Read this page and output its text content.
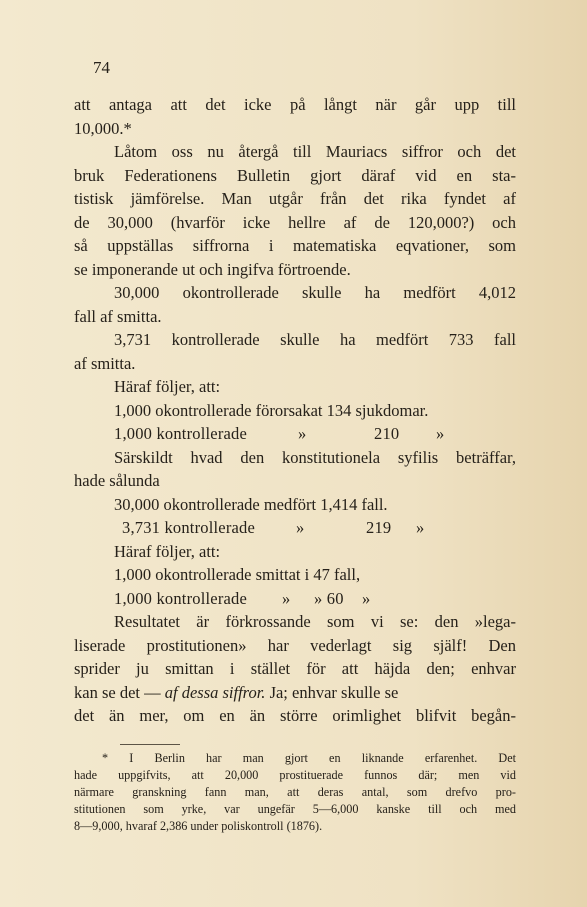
74
att antaga att det icke på långt när går upp till
10,000.*
Låtom oss nu återgå till Mauriacs siffror och det
bruk Federationens Bulletin gjort däraf vid en sta-
tistisk jämförelse. Man utgår från det rika fyndet af
de 30,000 (hvarför icke hellre af de 120,000?) och
så uppställas siffrorna i matematiska eqvationer, som
se imponerande ut och ingifva förtroende.
30,000 okontrollerade skulle ha medfört 4,012
fall af smitta.
3,731 kontrollerade skulle ha medfört 733 fall
af smitta.
Häraf följer, att:
1,000 okontrollerade förorsakat 134 sjukdomar.
1,000 kontrollerade	»	210 »
Särskildt hvad den konstitutionela syfilis beträffar,
hade sålunda
30,000 okontrollerade medfört 1,414 fall.
3,731 kontrollerade »	219 »
Häraf följer, att:
1,000 okontrollerade smittat i 47 fall,
1,000 kontrollerade » » 60 »
Resultatet är förkrossande som vi se: den »lega-
liserade prostitutionen» har vederlagt sig själf! Den
sprider ju smittan i stället för att häjda den; enhvar
kan se det — af dessa siffror. Ja; enhvar skulle se
det än mer, om en än större orimlighet blifvit begån-
* I Berlin har man gjort en liknande erfarenhet. Det
hade uppgifvits, att 20,000 prostituerade funnos där; men vid
närmare granskning fann man, att deras antal, som drefvo pro-
stitutionen som yrke, var ungefär 5—6,000 kanske till och med
8—9,000, hvaraf 2,386 under poliskontroll (1876).
